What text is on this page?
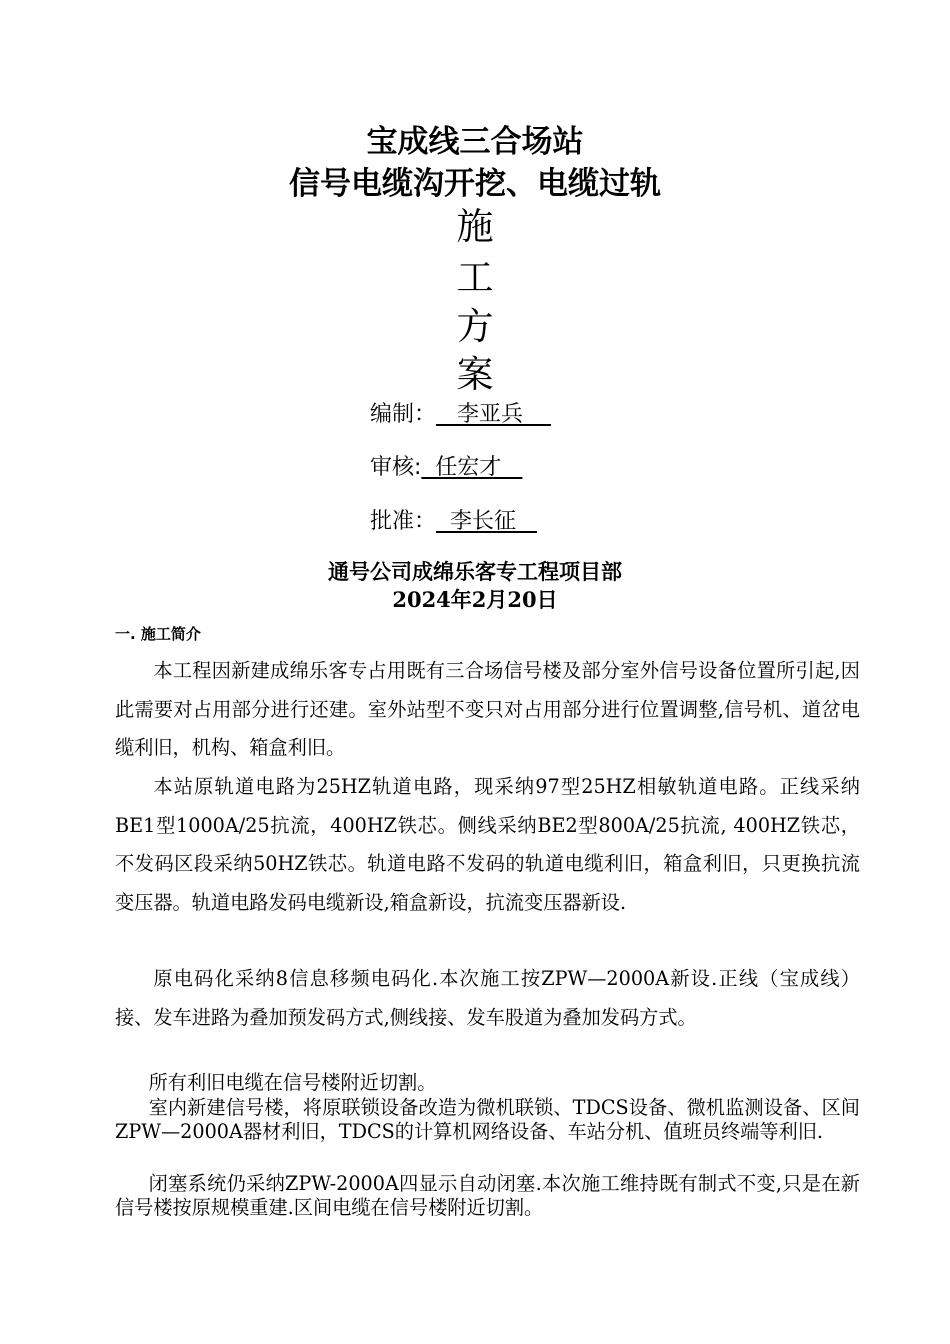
宝成线三合场站
信号电缆沟开挖、电缆过轨
施
工
方
案
编制：   李亚兵
审核:  任宏才
批准：  李长征
通号公司成绵乐客专工程项目部
2024年2月20日
一. 施工简介
本工程因新建成绵乐客专占用既有三合场信号楼及部分室外信号设备位置所引起,因此需要对占用部分进行还建。室外站型不变只对占用部分进行位置调整,信号机、道岔电缆利旧，机构、箱盒利旧。
本站原轨道电路为25HZ轨道电路，现采纳97型25HZ相敏轨道电路。正线采纳BE1型1000A/25抗流，400HZ铁芯。侧线采纳BE2型800A/25抗流, 400HZ铁芯，不发码区段采纳50HZ铁芯。轨道电路不发码的轨道电缆利旧，箱盒利旧，只更换抗流变压器。轨道电路发码电缆新设,箱盒新设，抗流变压器新设.
原电码化采纳8信息移频电码化.本次施工按ZPW—2000A新设.正线（宝成线）接、发车进路为叠加预发码方式,侧线接、发车股道为叠加发码方式。
所有利旧电缆在信号楼附近切割。
室内新建信号楼，将原联锁设备改造为微机联锁、TDCS设备、微机监测设备、区间ZPW—2000A器材利旧，TDCS的计算机网络设备、车站分机、值班员终端等利旧.
闭塞系统仍采纳ZPW-2000A四显示自动闭塞.本次施工维持既有制式不变,只是在新信号楼按原规模重建.区间电缆在信号楼附近切割。
